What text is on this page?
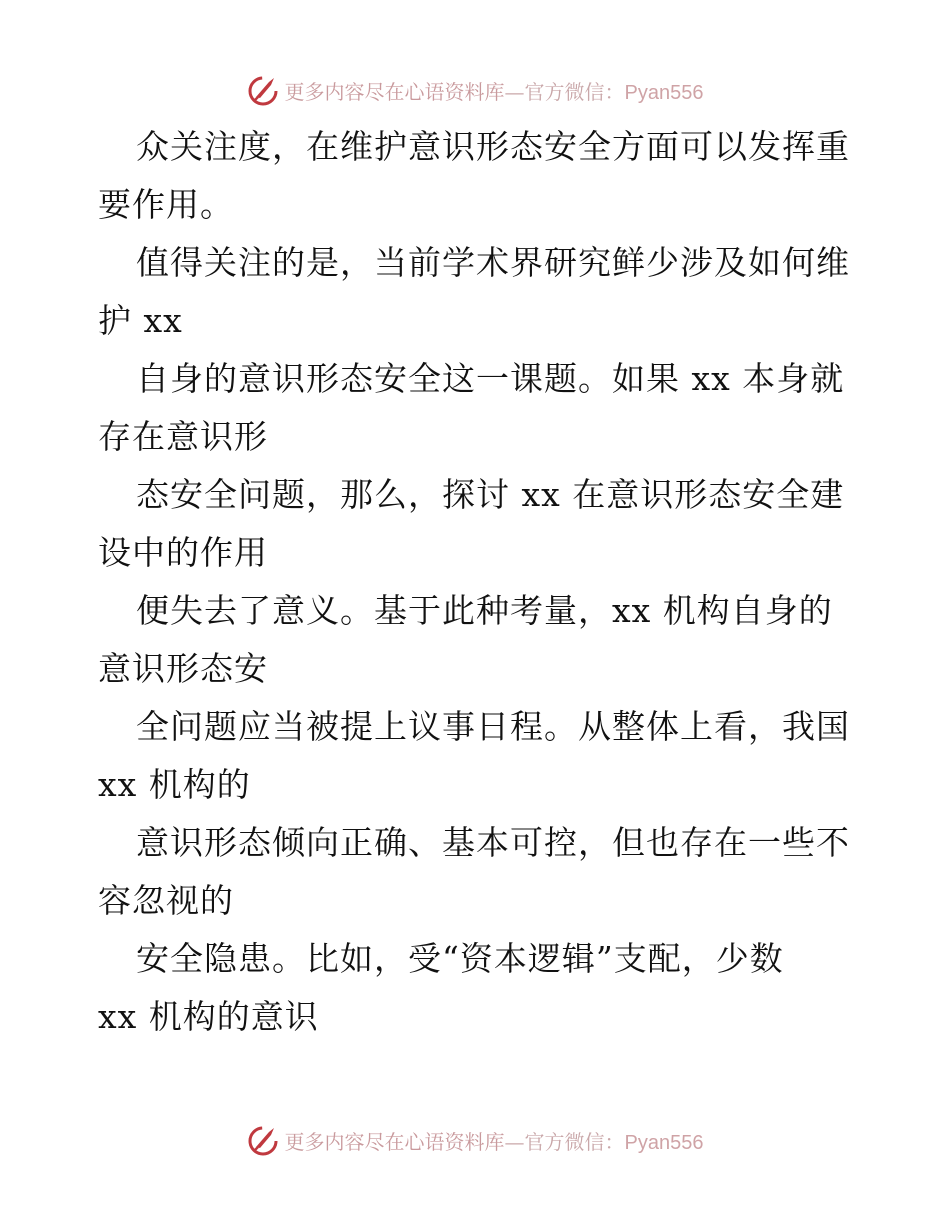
更多内容尽在心语资料库—官方微信：Pyan556
众关注度，在维护意识形态安全方面可以发挥重
要作用。
值得关注的是，当前学术界研究鲜少涉及如何维
护 xx
自身的意识形态安全这一课题。如果 xx 本身就
存在意识形
态安全问题，那么，探讨 xx 在意识形态安全建
设中的作用
便失去了意义。基于此种考量，xx 机构自身的
意识形态安
全问题应当被提上议事日程。从整体上看，我国
xx 机构的
意识形态倾向正确、基本可控，但也存在一些不
容忽视的
安全隐患。比如，受“资本逻辑”支配，少数
xx 机构的意识
更多内容尽在心语资料库—官方微信：Pyan556
